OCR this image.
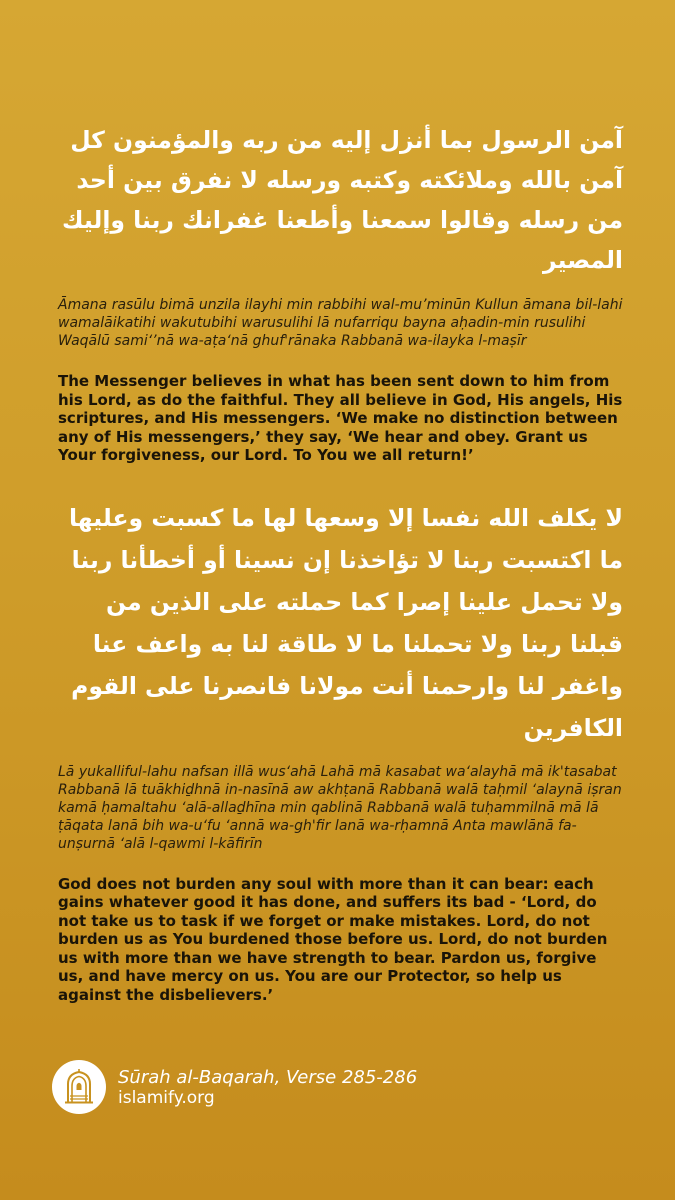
آمن الرسول بما أنزل إليه من ربه والمؤمنون كل آمن بالله وملائكته وكتبه ورسله لا نفرق بين أحد من رسله وقالوا سمعنا وأطعنا غفرانك ربنا وإليك المصير

Āmana rasūlu bimā unzila ilayhi min rabbihi wal-mu’minūn Kullun āmana bil-lahi wamalāikatihi wakutubihi warusulihi lā nufarriqu bayna aḥadin-min rusulihi Waqālū sami‘’nā wa-aṭa‘nā ghuf'rānaka Rabbanā wa-ilayka l-maṣīr

The Messenger believes in what has been sent down to him from his Lord, as do the faithful. They all believe in God, His angels, His scriptures, and His messengers. ‘We make no distinction between any of His messengers,’ they say, ‘We hear and obey. Grant us Your forgiveness, our Lord. To You we all return!’

لا يكلف الله نفسا إلا وسعها لها ما كسبت وعليها ما اكتسبت ربنا لا تؤاخذنا إن نسينا أو أخطأنا ربنا ولا تحمل علينا إصرا كما حملته على الذين من قبلنا ربنا ولا تحملنا ما لا طاقة لنا به واعف عنا واغفر لنا وارحمنا أنت مولانا فانصرنا على القوم الكافرين

Lā yukalliful-lahu nafsan illā wus‘ahā Lahā mā kasabat wa‘alayhā mā ik'tasabat Rabbanā lā tuākhiḏhnā in-nasīnā aw akhṭanā Rabbanā walā taḥmil ‘alaynā iṣran kamā ḥamaltahu ‘alā-allaḏhīna min qablinā Rabbanā walā tuḥammilnā mā lā ṭāqata lanā bih wa-u‘fu ‘annā wa-gh'fir lanā wa-rḥamnā Anta mawlānā fa-unṣurnā ‘alā l-qawmi l-kāfirīn

God does not burden any soul with more than it can bear: each gains whatever good it has done, and suffers its bad - ‘Lord, do not take us to task if we forget or make mistakes. Lord, do not burden us as You burdened those before us. Lord, do not burden us with more than we have strength to bear. Pardon us, forgive us, and have mercy on us. You are our Protector, so help us against the disbelievers.’

Sūrah al-Baqarah, Verse 285-286
islamify.org
